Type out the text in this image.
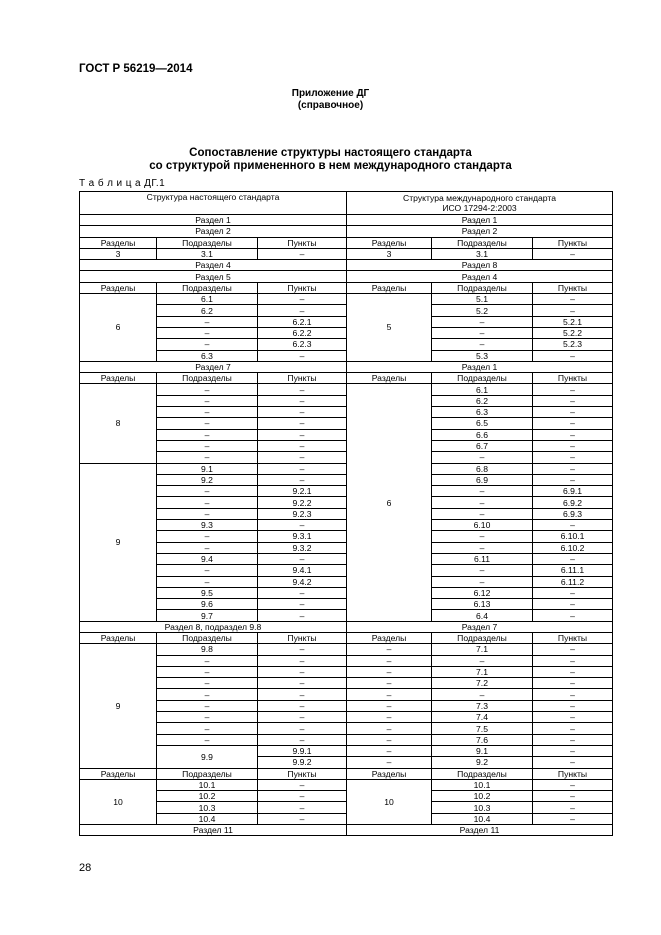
ГОСТ Р 56219—2014
Приложение ДГ
(справочное)
Сопоставление структуры настоящего стандарта
со структурой примененного в нем международного стандарта
Т а б л и ц а ДГ.1
Структура настоящего стандарта			Структура международного стандарта
ИСО 17294-2:2003		

Раздел 1			Раздел 1		
Раздел 2			Раздел 2		
Разделы	Подразделы	Пункты	Разделы	Подразделы	Пункты
3	3.1	–	3	3.1	–
Раздел 4			Раздел 8		
Раздел 5			Раздел 4		
Разделы	Подразделы	Пункты	Разделы	Подразделы	Пункты
6	6.1	–	5	5.1	–
	6.2	–		5.2	–
	–	6.2.1		–	5.2.1
	–	6.2.2		–	5.2.2
	–	6.2.3		–	5.2.3
	6.3	–		5.3	–
Раздел 7			Раздел 1		
Разделы	Подразделы	Пункты	Разделы	Подразделы	Пункты
8	–	–	6	6.1	–
	–	–		6.2	–
	–	–		6.3	–
	–	–		6.5	–
	–	–		6.6	–
	–	–		6.7	–
	–	–		–	–
9	9.1	–		6.8	–
	9.2	–		6.9	–
	–	9.2.1		–	6.9.1
	–	9.2.2		–	6.9.2
	–	9.2.3		–	6.9.3
	9.3	–		6.10	–
	–	9.3.1		–	6.10.1
	–	9.3.2		–	6.10.2
	9.4	–		6.11	–
	–	9.4.1		–	6.11.1
	–	9.4.2		–	6.11.2
	9.5	–		6.12	–
	9.6	–		6.13	–
	9.7	–		6.4	–
Раздел 8, подраздел 9.8			Раздел 7		
Разделы	Подразделы	Пункты	Разделы	Подразделы	Пункты
9	9.8	–	–	7.1	–
	–	–	–	–	–
	–	–	–	7.1	–
	–	–	–	7.2	–
	–	–	–	–	–
	–	–	–	7.3	–
	–	–	–	7.4	–
	–	–	–	7.5	–
	–	–	–	7.6	–
	9.9	9.9.1	–	9.1	–
		9.9.2	–	9.2	–
Разделы	Подразделы	Пункты	Разделы	Подразделы	Пункты
10	10.1	–	10	10.1	–
	10.2	–		10.2	–
	10.3	–		10.3	–
	10.4	–		10.4	–
Раздел 11			Раздел 11		
28
